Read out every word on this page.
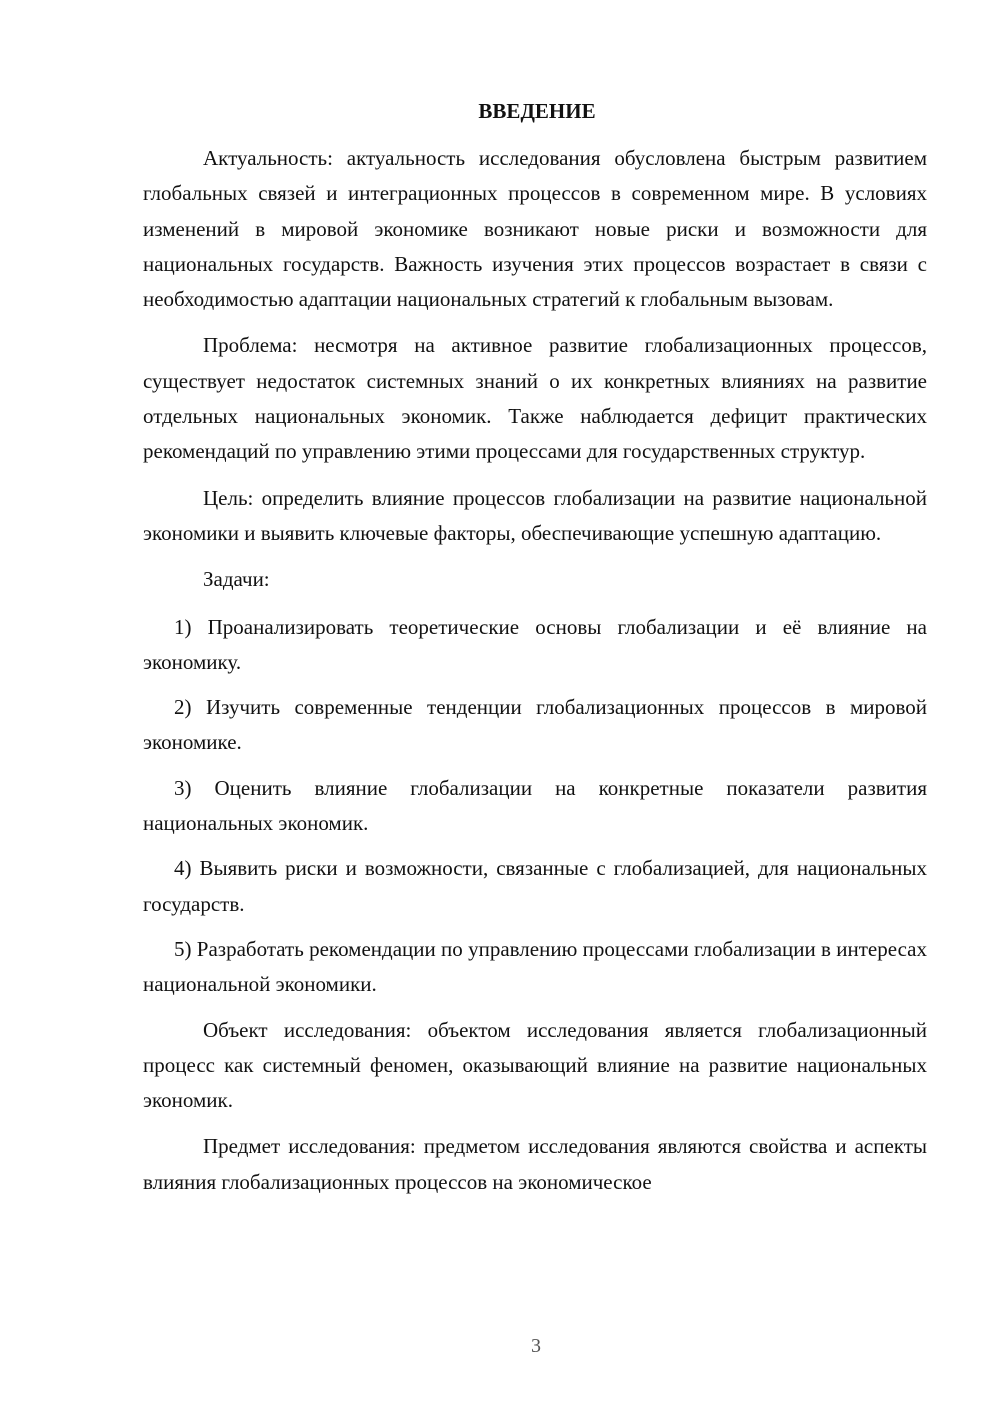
ВВЕДЕНИЕ

Актуальность: актуальность исследования обусловлена быстрым развитием глобальных связей и интеграционных процессов в современном мире. В условиях изменений в мировой экономике возникают новые риски и возможности для национальных государств. Важность изучения этих процессов возрастает в связи с необходимостью адаптации национальных стратегий к глобальным вызовам.

Проблема: несмотря на активное развитие глобализационных процессов, существует недостаток системных знаний о их конкретных влияниях на развитие отдельных национальных экономик. Также наблюдается дефицит практических рекомендаций по управлению этими процессами для государственных структур.

Цель: определить влияние процессов глобализации на развитие национальной экономики и выявить ключевые факторы, обеспечивающие успешную адаптацию.

Задачи:

1) Проанализировать теоретические основы глобализации и её влияние на экономику.

2) Изучить современные тенденции глобализационных процессов в мировой экономике.

3) Оценить влияние глобализации на конкретные показатели развития национальных экономик.

4) Выявить риски и возможности, связанные с глобализацией, для национальных государств.

5) Разработать рекомендации по управлению процессами глобализации в интересах национальной экономики.

Объект исследования: объектом исследования является глобализационный процесс как системный феномен, оказывающий влияние на развитие национальных экономик.

Предмет исследования: предметом исследования являются свойства и аспекты влияния глобализационных процессов на экономическое

3
